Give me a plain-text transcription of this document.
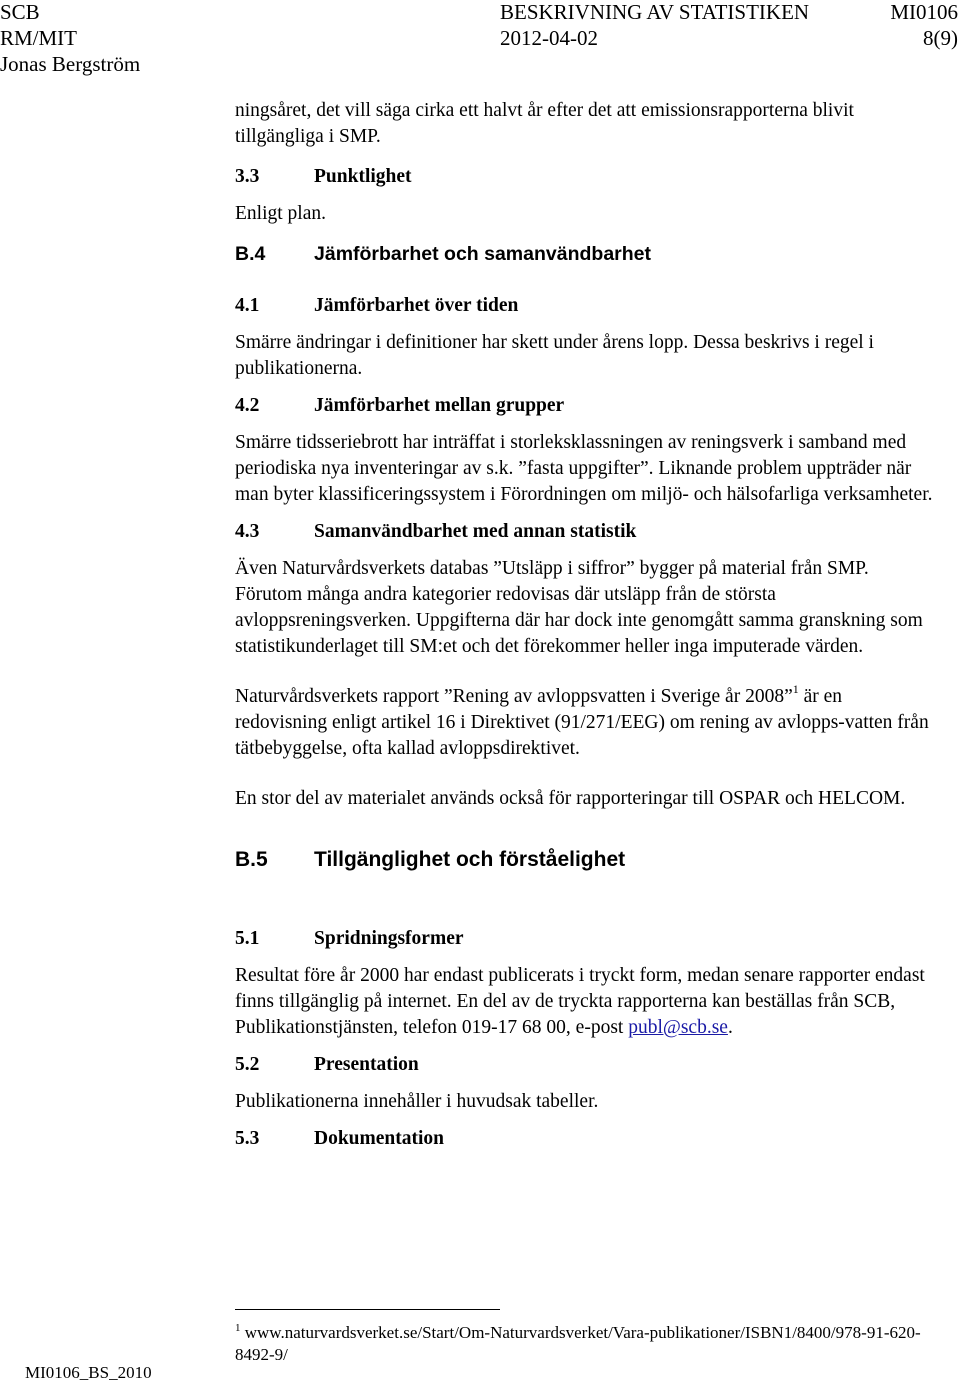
SCB
RM/MIT
Jonas Bergström
BESKRIVNING AV STATISTIKEN
2012-04-02
MI0106
8(9)

ningsåret, det vill säga cirka ett halvt år efter det att emissionsrapporterna blivit tillgängliga i SMP.

3.3	Punktlighet

Enligt plan.

B.4	Jämförbarhet och samanvändbarhet
4.1	Jämförbarhet över tiden

Smärre ändringar i definitioner har skett under årens lopp. Dessa beskrivs i regel i publikationerna.

4.2	Jämförbarhet mellan grupper

Smärre tidsseriebrott har inträffat i storleksklassningen av reningsverk i samband med periodiska nya inventeringar av s.k. ”fasta uppgifter”. Liknande problem uppträder när man byter klassificeringssystem i Förordningen om miljö- och hälsofarliga verksamheter.

4.3	Samanvändbarhet med annan statistik

Även Naturvårdsverkets databas ”Utsläpp i siffror” bygger på material från SMP. Förutom många andra kategorier redovisas där utsläpp från de största avloppsreningsverken. Uppgifterna där har dock inte genomgått samma granskning som statistikunderlaget till SM:et och det förekommer heller inga imputerade värden.

Naturvårdsverkets rapport ”Rening av avloppsvatten i Sverige år 2008”$^1$ är en redovisning enligt artikel 16 i Direktivet (91/271/EEG) om rening av avlopps-vatten från tätbebyggelse, ofta kallad avloppsdirektivet.

En stor del av materialet används också för rapporteringar till OSPAR och HELCOM.

B.5	Tillgänglighet och förståelighet
5.1	Spridningsformer

Resultat före år 2000 har endast publicerats i tryckt form, medan senare rapporter endast finns tillgänglig på internet. En del av de tryckta rapporterna kan beställas från SCB, Publikationstjänsten, telefon 019-17 68 00, e-post publ@scb.se.

5.2	Presentation

Publikationerna innehåller i huvudsak tabeller.

5.3	Dokumentation
$^1$ www.naturvardsverket.se/Start/Om-Naturvardsverket/Vara-publikationer/ISBN1/8400/978-91-620-8492-9/
MI0106_BS_2010
